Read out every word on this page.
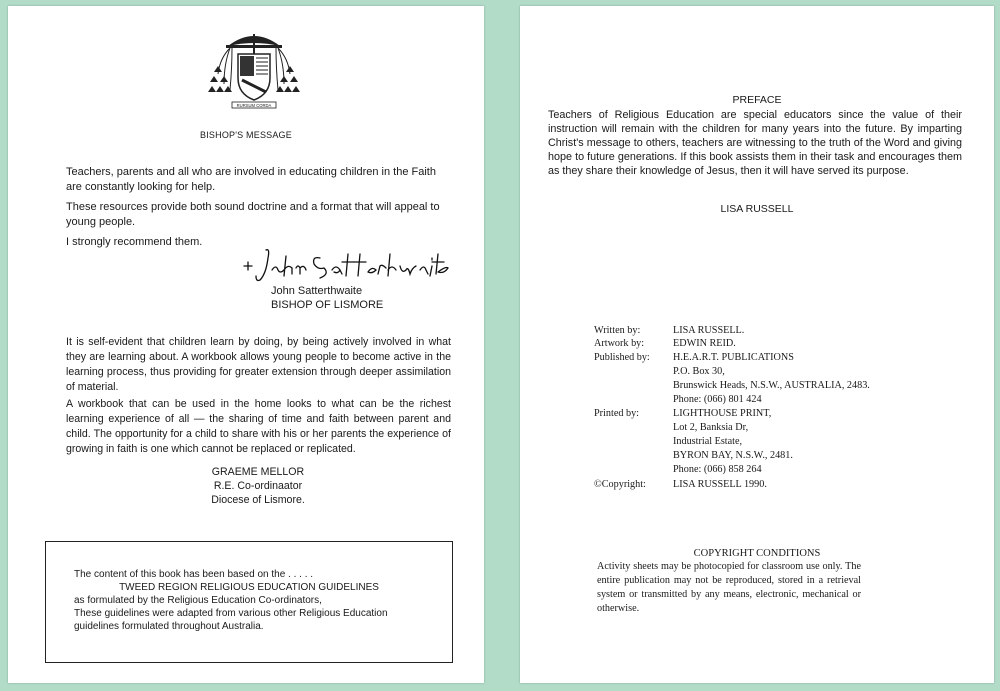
RURSUM CORDA
BISHOP'S MESSAGE
Teachers, parents and all who are involved in educating children in the Faith are constantly looking for help.
These resources provide both sound doctrine and a format that will appeal to young people.
I strongly recommend them.
John Satterthwaite
BISHOP OF LISMORE
It is self-evident that children learn by doing, by being actively involved in what they are learning about. A workbook allows young people to become active in the learning process, thus providing for greater extension through deeper assimilation of material.
A workbook that can be used in the home looks to what can be the richest learning experience of all — the sharing of time and faith between parent and child. The opportunity for a child to share with his or her parents the experience of growing in faith is one which cannot be replaced or replicated.
GRAEME MELLOR
R.E. Co-ordinaator
Diocese of Lismore.
The content of this book has been based on the . . . . .
TWEED REGION RELIGIOUS EDUCATION GUIDELINES
as formulated by the Religious Education Co-ordinators,
These guidelines were adapted from various other Religious Education
guidelines formulated throughout Australia.
PREFACE
Teachers of Religious Education are special educators since the value of their instruction will remain with the children for many years into the future. By imparting Christ's message to others, teachers are witnessing to the truth of the Word and giving hope to future generations. If this book assists them in their task and encourages them as they share their knowledge of Jesus, then it will have served its purpose.
LISA RUSSELL
Written by:	LISA RUSSELL.
Artwork by:	EDWIN REID.
Published by: H.E.A.R.T. PUBLICATIONS
P.O. Box 30,
Brunswick Heads, N.S.W., AUSTRALIA, 2483.
Phone: (066) 801 424
Printed by:	LIGHTHOUSE PRINT,
Lot 2, Banksia Dr,
Industrial Estate,
BYRON BAY, N.S.W., 2481.
Phone: (066) 858 264
©Copyright:	LISA RUSSELL 1990.
COPYRIGHT CONDITIONS
Activity sheets may be photocopied for classroom use only. The entire publication may not be reproduced, stored in a retrieval system or transmitted by any means, electronic, mechanical or otherwise.
